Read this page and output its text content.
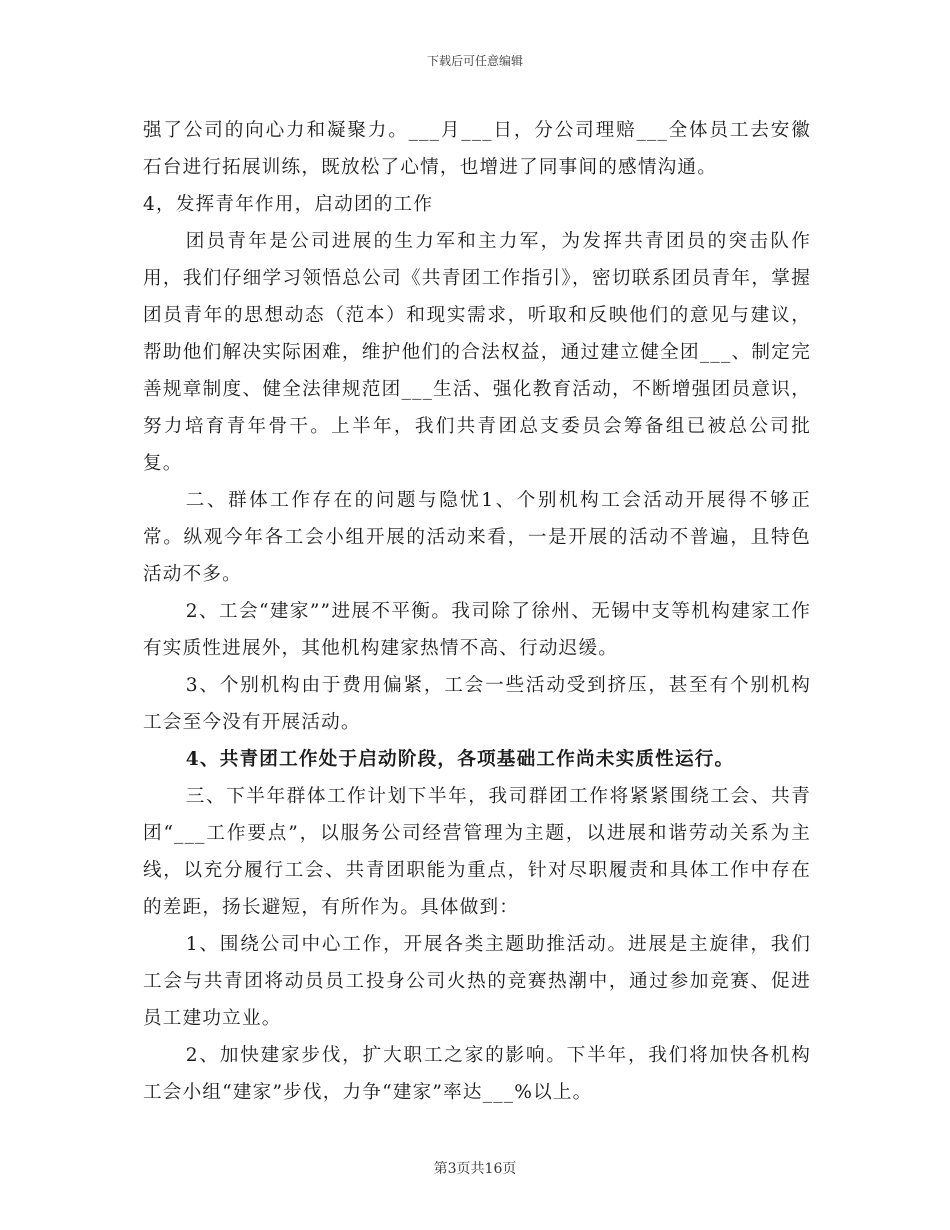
下载后可任意编辑

强了公司的向心力和凝聚力。___月___日，分公司理赔___全体员工去安徽石台进行拓展训练，既放松了心情，也增进了同事间的感情沟通。

4，发挥青年作用，启动团的工作

团员青年是公司进展的生力军和主力军，为发挥共青团员的突击队作用，我们仔细学习领悟总公司《共青团工作指引》，密切联系团员青年，掌握团员青年的思想动态（范本）和现实需求，听取和反映他们的意见与建议，帮助他们解决实际困难，维护他们的合法权益，通过建立健全团___、制定完善规章制度、健全法律规范团___生活、强化教育活动，不断增强团员意识，努力培育青年骨干。上半年，我们共青团总支委员会筹备组已被总公司批复。

二、群体工作存在的问题与隐忧1、个别机构工会活动开展得不够正常。纵观今年各工会小组开展的活动来看，一是开展的活动不普遍，且特色活动不多。

2、工会“建家””进展不平衡。我司除了徐州、无锡中支等机构建家工作有实质性进展外，其他机构建家热情不高、行动迟缓。

3、个别机构由于费用偏紧，工会一些活动受到挤压，甚至有个别机构工会至今没有开展活动。

4、共青团工作处于启动阶段，各项基础工作尚未实质性运行。

三、下半年群体工作计划下半年，我司群团工作将紧紧围绕工会、共青团“___工作要点”，以服务公司经营管理为主题，以进展和谐劳动关系为主线，以充分履行工会、共青团职能为重点，针对尽职履责和具体工作中存在的差距，扬长避短，有所作为。具体做到：

1、围绕公司中心工作，开展各类主题助推活动。进展是主旋律，我们工会与共青团将动员员工投身公司火热的竞赛热潮中，通过参加竞赛、促进员工建功立业。

2、加快建家步伐，扩大职工之家的影响。下半年，我们将加快各机构工会小组“建家”步伐，力争“建家”率达___%以上。

第3页共16页
